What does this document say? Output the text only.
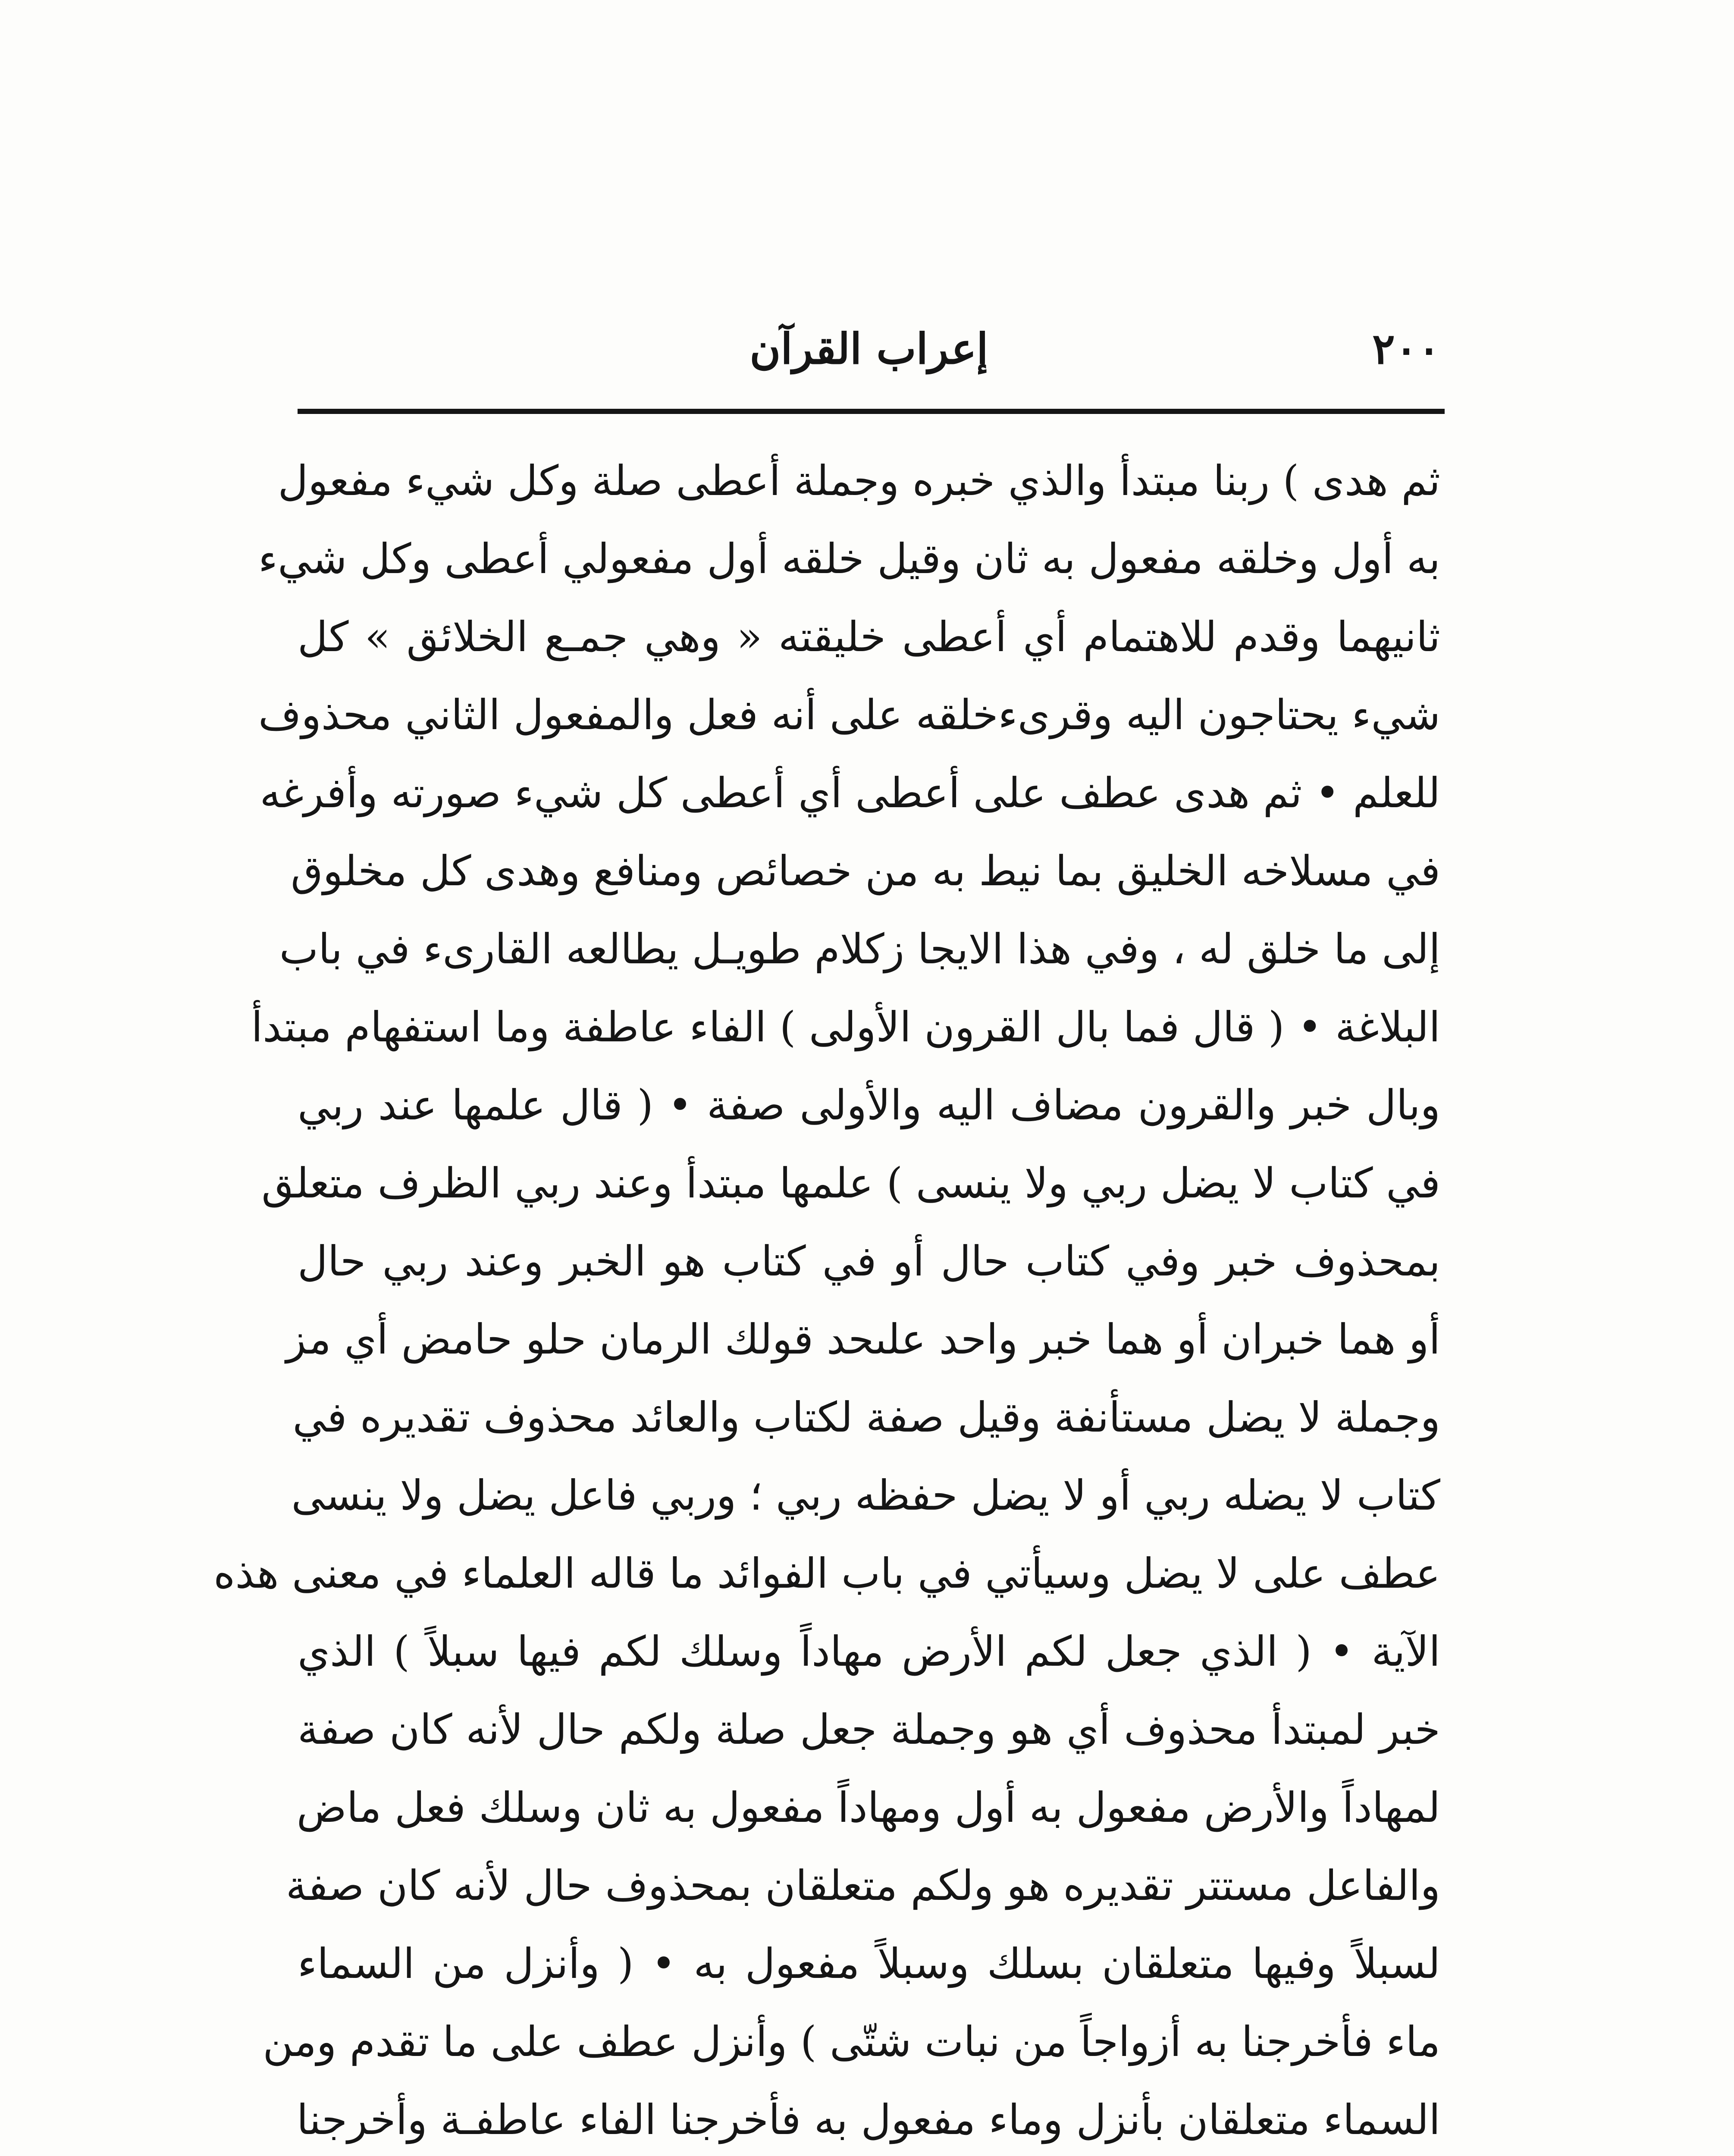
٢٠٠
إعراب القرآن
ثم هدى ) ربنا مبتدأ والذي خبره وجملة أعطى صلة وكل شيء مفعول
به أول وخلقه مفعول به ثان وقيل خلقه أول مفعولي أعطى وكل شيء
ثانيهما وقدم للاهتمام أي أعطى خليقته « وهي جمـع الخلائق » كل
شيء يحتاجون اليه وقرىءخلقه على أنه فعل والمفعول الثاني محذوف
للعلم • ثم هدى عطف على أعطى أي أعطى كل شيء صورته وأفرغه
في مسلاخه الخليق بما نيط به من خصائص ومنافع وهدى كل مخلوق
إلى ما خلق له ، وفي هذا الايجا زكلام طويـل يطالعه القارىء في باب
البلاغة • ( قال فما بال القرون الأولى ) الفاء عاطفة وما استفهام مبتدأ
وبال خبر والقرون مضاف اليه والأولى صفة • ( قال علمها عند ربي
في كتاب لا يضل ربي ولا ينسى ) علمها مبتدأ وعند ربي الظرف متعلق
بمحذوف خبر وفي كتاب حال أو في كتاب هو الخبر وعند ربي حال
أو هما خبران أو هما خبر واحد علىحد قولك الرمان حلو حامض أي مز
وجملة لا يضل مستأنفة وقيل صفة لكتاب والعائد محذوف تقديره في
كتاب لا يضله ربي أو لا يضل حفظه ربي ؛ وربي فاعل يضل ولا ينسى
عطف على لا يضل وسيأتي في باب الفوائد ما قاله العلماء في معنى هذه
الآية • ( الذي جعل لكم الأرض مهاداً وسلك لكم فيها سبلاً ) الذي
خبر لمبتدأ محذوف أي هو وجملة جعل صلة ولكم حال لأنه كان صفة
لمهاداً والأرض مفعول به أول ومهاداً مفعول به ثان وسلك فعل ماض
والفاعل مستتر تقديره هو ولكم متعلقان بمحذوف حال لأنه كان صفة
لسبلاً وفيها متعلقان بسلك وسبلاً مفعول به • ( وأنزل من السماء
ماء فأخرجنا به أزواجاً من نبات شتّى ) وأنزل عطف على ما تقدم ومن
السماء متعلقان بأنزل وماء مفعول به فأخرجنا الفاء عاطفـة وأخرجنا
